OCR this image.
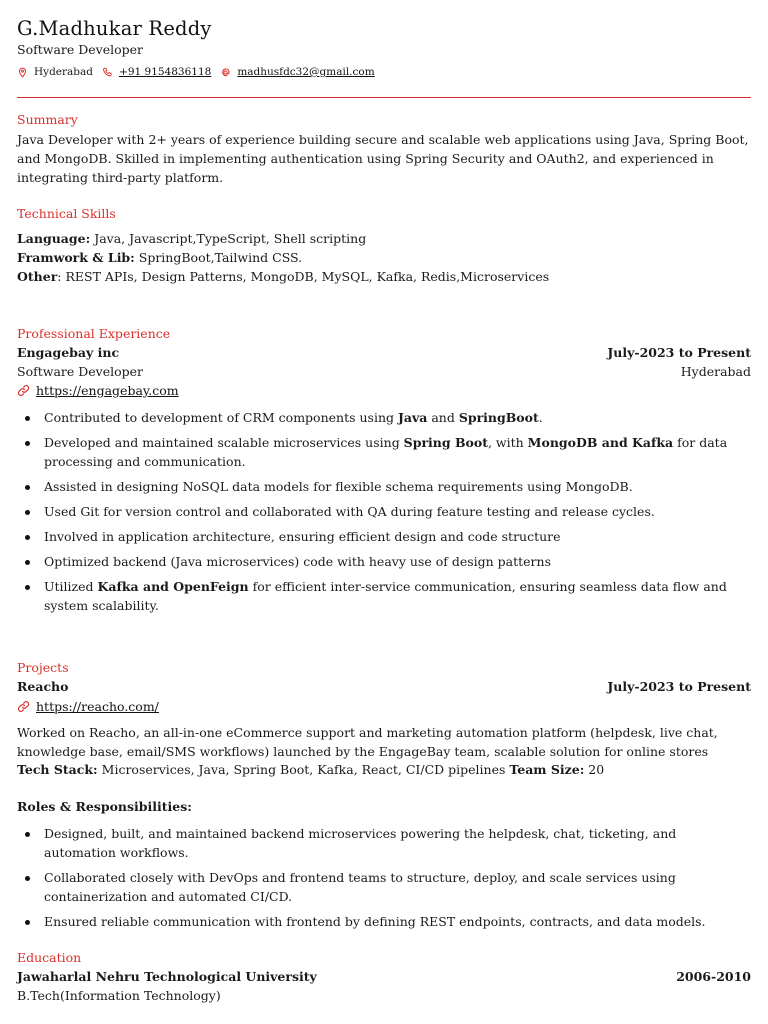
G.Madhukar Reddy
Software Developer
Hyderabad +91 9154836118 madhusfdc32@gmail.com
Summary
Java Developer with 2+ years of experience building secure and scalable web applications using Java, Spring Boot, and MongoDB. Skilled in implementing authentication using Spring Security and OAuth2, and experienced in integrating third-party platform.
Technical Skills
Language: Java, Javascript,TypeScript, Shell scripting
Framwork & Lib: SpringBoot,Tailwind CSS.
Other: REST APIs, Design Patterns, MongoDB, MySQL, Kafka, Redis,Microservices
Professional Experience
Engagebay inc	July-2023 to Present
Software Developer	Hyderabad
https://engagebay.com
Contributed to development of CRM components using Java and SpringBoot.
Developed and maintained scalable microservices using Spring Boot, with MongoDB and Kafka for data processing and communication.
Assisted in designing NoSQL data models for flexible schema requirements using MongoDB.
Used Git for version control and collaborated with QA during feature testing and release cycles.
Involved in application architecture, ensuring efficient design and code structure
Optimized backend (Java microservices) code with heavy use of design patterns
Utilized Kafka and OpenFeign for efficient inter-service communication, ensuring seamless data flow and system scalability.
Projects
Reacho	July-2023 to Present
https://reacho.com/
Worked on Reacho, an all-in-one eCommerce support and marketing automation platform (helpdesk, live chat, knowledge base, email/SMS workflows) launched by the EngageBay team, scalable solution for online stores
Tech Stack: Microservices, Java, Spring Boot, Kafka, React, CI/CD pipelines Team Size: 20
Roles & Responsibilities:
Designed, built, and maintained backend microservices powering the helpdesk, chat, ticketing, and automation workflows.
Collaborated closely with DevOps and frontend teams to structure, deploy, and scale services using containerization and automated CI/CD.
Ensured reliable communication with frontend by defining REST endpoints, contracts, and data models.
Education
Jawaharlal Nehru Technological University	2006-2010
B.Tech(Information Technology)
